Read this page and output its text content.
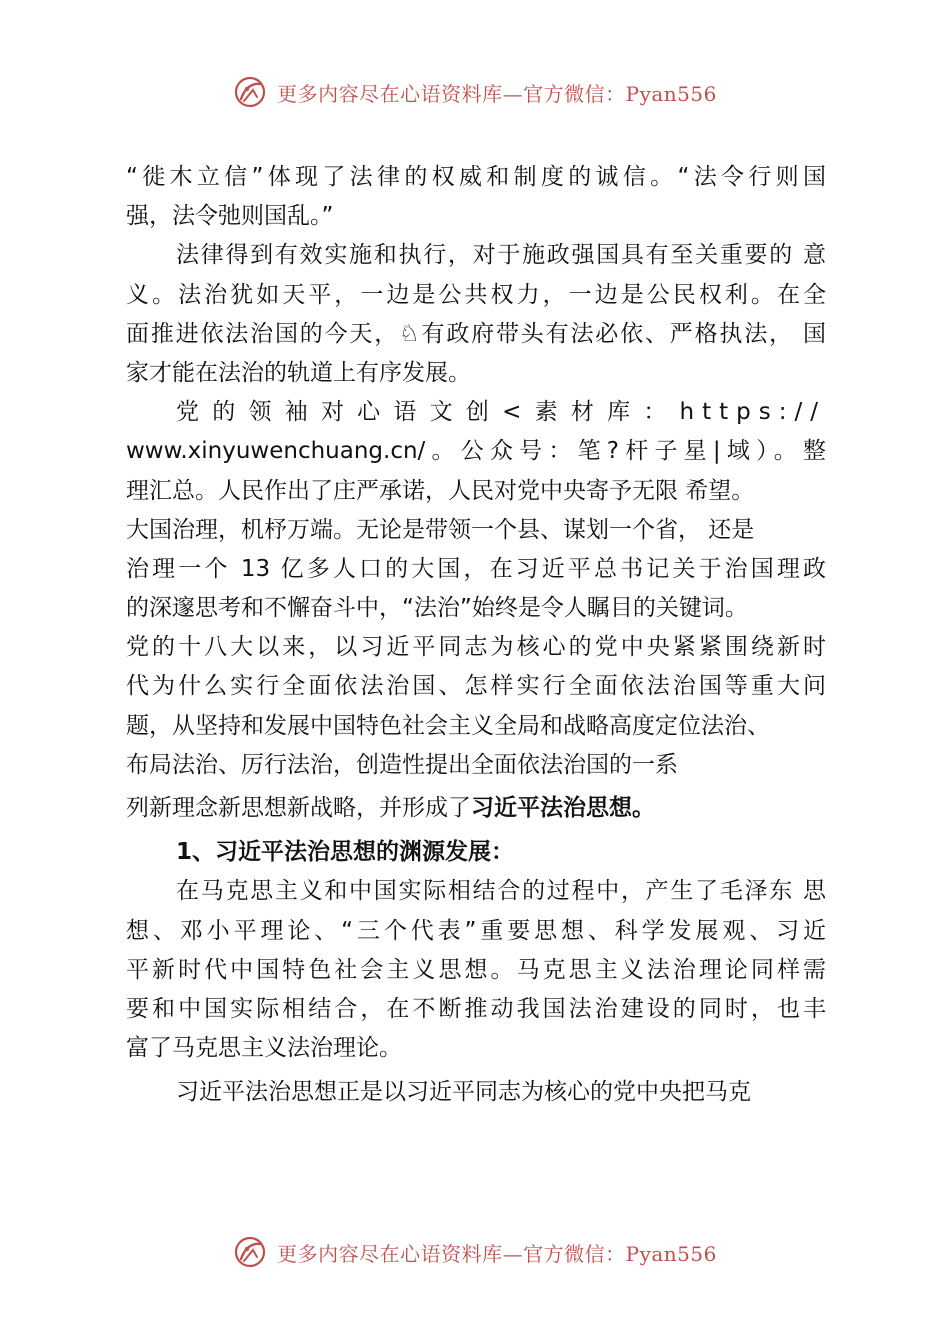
更多内容尽在心语资料库—官方微信：Pyan556
“徙木立信”体现了法律的权威和制度的诚信。“法令行则国
强，法令弛则国乱。”
法律得到有效实施和执行，对于施政强国具有至关重要的 意
义。法治犹如天平，一边是公共权力，一边是公民权利。在全
面推进依法治国的今天，♘有政府带头有法必依、严格执法， 国
家才能在法治的轨道上有序发展。
党的领袖对心语文创<素材库：https://
www.xinyuwenchuang.cn/。公众号：笔?杆子星|域）。整
理汇总。人民作出了庄严承诺，人民对党中央寄予无限 希望。
大国治理，机杼万端。无论是带领一个县、谋划一个省， 还是
治理一个 13 亿多人口的大国，在习近平总书记关于治国理政
的深邃思考和不懈奋斗中，“法治”始终是令人瞩目的关键词。
党的十八大以来，以习近平同志为核心的党中央紧紧围绕新时
代为什么实行全面依法治国、怎样实行全面依法治国等重大问
题，从坚持和发展中国特色社会主义全局和战略高度定位法治、
布局法治、厉行法治，创造性提出全面依法治国的一系
列新理念新思想新战略，并形成了习近平法治思想。
1、习近平法治思想的渊源发展：
在马克思主义和中国实际相结合的过程中，产生了毛泽东 思
想、邓小平理论、“三个代表”重要思想、科学发展观、习近
平新时代中国特色社会主义思想。马克思主义法治理论同样需
要和中国实际相结合，在不断推动我国法治建设的同时，也丰
富了马克思主义法治理论。
习近平法治思想正是以习近平同志为核心的党中央把马克
更多内容尽在心语资料库—官方微信：Pyan556
